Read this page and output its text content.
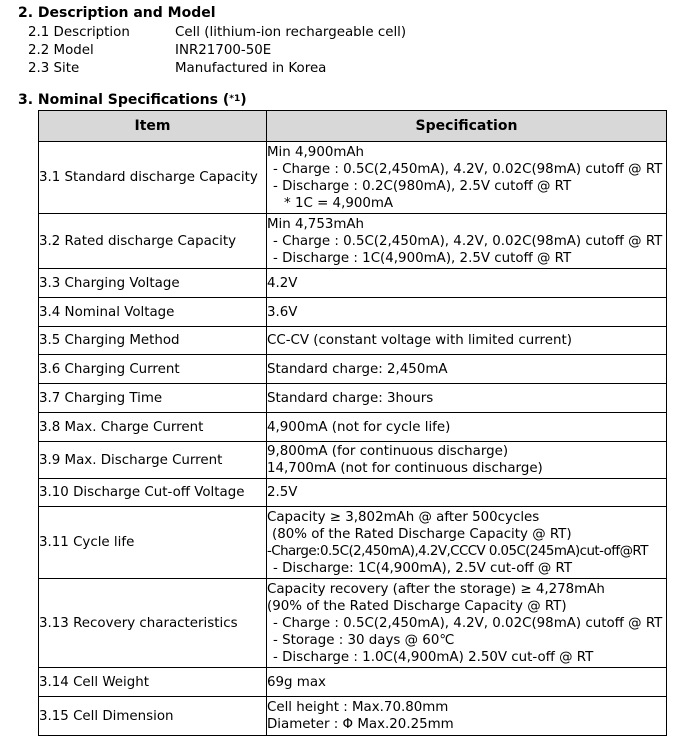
2. Description and Model
2.1 Description	Cell (lithium-ion rechargeable cell)
2.2 Model	INR21700-50E
2.3 Site	Manufactured in Korea
3. Nominal Specifications ($^{*1}$)
Item	Specification
3.1 Standard discharge Capacity	Min 4,900mAh
- Charge : 0.5C(2,450mA), 4.2V, 0.02C(98mA) cutoff @ RT
- Discharge : 0.2C(980mA), 2.5V cutoff @ RT
* 1C = 4,900mA

3.2 Rated discharge Capacity	Min 4,753mAh
- Charge : 0.5C(2,450mA), 4.2V, 0.02C(98mA) cutoff @ RT
- Discharge : 1C(4,900mA), 2.5V cutoff @ RT

3.3 Charging Voltage	4.2V

3.4 Nominal Voltage	3.6V

3.5 Charging Method	CC-CV (constant voltage with limited current)

3.6 Charging Current	Standard charge: 2,450mA

3.7 Charging Time	Standard charge: 3hours

3.8 Max. Charge Current	4,900mA (not for cycle life)

3.9 Max. Discharge Current	9,800mA (for continuous discharge)
14,700mA (not for continuous discharge)

3.10 Discharge Cut-off Voltage	2.5V

3.11 Cycle life	Capacity ≥ 3,802mAh @ after 500cycles
(80% of the Rated Discharge Capacity @ RT)
-Charge:0.5C(2,450mA),4.2V,CCCV 0.05C(245mA)cut-off@RT
- Discharge: 1C(4,900mA), 2.5V cut-off @ RT

3.13 Recovery characteristics	Capacity recovery (after the storage) ≥ 4,278mAh
(90% of the Rated Discharge Capacity @ RT)
- Charge : 0.5C(2,450mA), 4.2V, 0.02C(98mA) cutoff @ RT
- Storage : 30 days @ 60℃
- Discharge : 1.0C(4,900mA) 2.50V cut-off @ RT

3.14 Cell Weight	69g max

3.15 Cell Dimension	Cell height : Max.70.80mm
Diameter : Φ Max.20.25mm
